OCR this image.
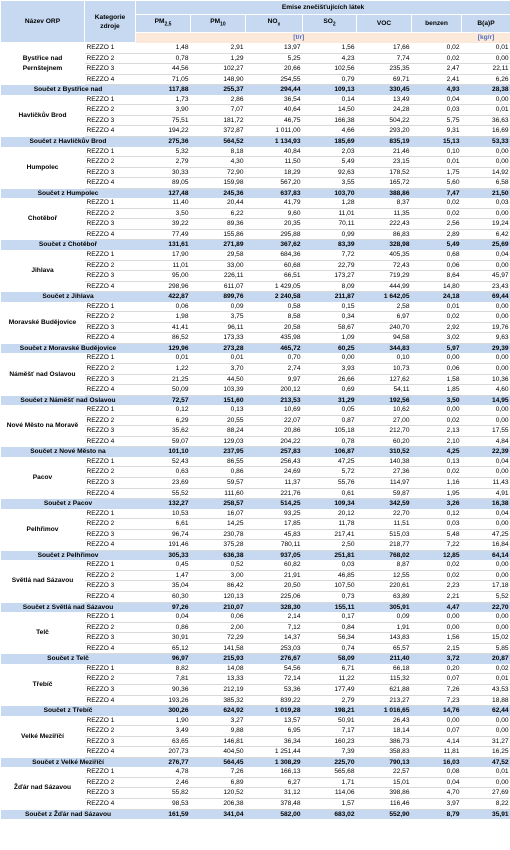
Název ORP	Kategorie zdroje	Emise znečišťujících látek						
		$PM_{2,5}$	$PM_{10}$	$NO_x$	$SO_2$	VOC	benzen	B(a)P
		[t/r]						[kg/r]
Bystřice nad Pernštejnem	REZZO 1	1,48	2,91	13,97	1,56	17,66	0,02	0,01
	REZZO 2	0,78	1,29	5,25	4,23	7,74	0,02	0,00
	REZZO 3	44,56	102,27	20,66	102,56	235,35	2,47	22,11
	REZZO 4	71,05	148,90	254,55	0,79	69,71	2,41	6,26
Součet z Bystřice nad		117,88	255,37	294,44	109,13	330,45	4,93	28,38
Havlíčkův Brod	REZZO 1	1,73	2,86	36,54	0,14	13,49	0,04	0,00
	REZZO 2	3,90	7,07	40,64	14,50	24,28	0,03	0,01
	REZZO 3	75,51	181,72	46,75	166,38	504,22	5,75	36,63
	REZZO 4	194,22	372,87	1 011,00	4,66	293,20	9,31	16,69
Součet z Havlíčkův Brod		275,36	564,52	1 134,93	185,69	835,19	15,13	53,33
Humpolec	REZZO 1	5,32	8,18	40,84	2,03	21,46	0,10	0,00
	REZZO 2	2,79	4,30	11,50	5,49	23,15	0,01	0,00
	REZZO 3	30,33	72,90	18,29	92,63	178,52	1,75	14,92
	REZZO 4	89,05	159,98	567,20	3,55	165,72	5,60	6,58
Součet z Humpolec		127,48	245,36	637,83	103,70	388,86	7,47	21,50
Chotěboř	REZZO 1	11,40	20,44	41,79	1,28	8,37	0,02	0,03
	REZZO 2	3,50	6,22	9,60	11,01	11,35	0,02	0,00
	REZZO 3	39,22	89,36	20,35	70,11	222,43	2,56	19,24
	REZZO 4	77,49	155,86	295,88	0,99	86,83	2,89	6,42
Součet z Chotěboř		131,61	271,89	367,62	83,39	328,98	5,49	25,69
Jihlava	REZZO 1	17,90	29,58	684,36	7,72	405,35	0,68	0,04
	REZZO 2	11,01	33,00	60,68	22,79	72,43	0,06	0,00
	REZZO 3	95,00	226,11	66,51	173,27	719,29	8,64	45,97
	REZZO 4	298,96	611,07	1 429,05	8,09	444,99	14,80	23,43
Součet z Jihlava		422,87	899,76	2 240,58	211,87	1 642,05	24,18	69,44
Moravské Budějovice	REZZO 1	0,06	0,09	0,58	0,15	2,58	0,01	0,00
	REZZO 2	1,98	3,75	8,58	0,34	6,97	0,02	0,00
	REZZO 3	41,41	96,11	20,58	58,67	240,70	2,92	19,76
	REZZO 4	86,52	173,33	435,98	1,09	94,58	3,02	9,63
Součet z Moravské Budějovice		129,96	273,28	465,72	60,25	344,83	5,97	29,39
Náměšť nad Oslavou	REZZO 1	0,01	0,01	0,70	0,00	0,10	0,00	0,00
	REZZO 2	1,22	3,70	2,74	3,93	10,73	0,06	0,00
	REZZO 3	21,25	44,50	9,97	26,66	127,62	1,58	10,36
	REZZO 4	50,09	103,39	200,12	0,69	54,11	1,85	4,60
Součet z Náměšť nad Oslavou		72,57	151,60	213,53	31,29	192,56	3,50	14,95
Nové Město na Moravě	REZZO 1	0,12	0,13	10,69	0,05	10,62	0,00	0,00
	REZZO 2	6,29	20,55	22,07	0,87	27,00	0,02	0,00
	REZZO 3	35,62	88,24	20,86	105,18	212,70	2,13	17,55
	REZZO 4	59,07	129,03	204,22	0,78	60,20	2,10	4,84
Součet z Nové Město na		101,10	237,95	257,83	106,87	310,52	4,25	22,39
Pacov	REZZO 1	52,43	86,55	256,43	47,25	140,38	0,13	0,04
	REZZO 2	0,63	0,86	24,69	5,72	27,36	0,02	0,00
	REZZO 3	23,69	59,57	11,37	55,76	114,97	1,16	11,43
	REZZO 4	55,52	111,60	221,76	0,61	59,87	1,95	4,91
Součet z Pacov		132,27	258,57	514,25	109,34	342,59	3,26	16,38
Pelhřimov	REZZO 1	10,53	16,07	93,25	20,12	22,70	0,12	0,04
	REZZO 2	6,61	14,25	17,85	11,78	11,51	0,03	0,00
	REZZO 3	96,74	230,78	45,83	217,41	515,03	5,48	47,25
	REZZO 4	191,46	375,28	780,11	2,50	218,77	7,22	16,84
Součet z Pelhřimov		305,33	636,38	937,05	251,81	768,02	12,85	64,14
Světlá nad Sázavou	REZZO 1	0,45	0,52	60,82	0,03	8,87	0,02	0,00
	REZZO 2	1,47	3,00	21,91	46,85	12,55	0,02	0,00
	REZZO 3	35,04	86,42	20,50	107,50	220,61	2,23	17,18
	REZZO 4	60,30	120,13	225,06	0,73	63,89	2,21	5,52
Součet z Světlá nad Sázavou		97,26	210,07	328,30	155,11	305,91	4,47	22,70
Telč	REZZO 1	0,04	0,06	2,14	0,17	0,09	0,00	0,00
	REZZO 2	0,86	2,00	7,12	0,84	1,91	0,00	0,00
	REZZO 3	30,91	72,29	14,37	56,34	143,83	1,56	15,02
	REZZO 4	65,12	141,58	253,03	0,74	65,57	2,15	5,85
Součet z Telč		96,97	215,93	276,67	58,09	211,40	3,72	20,87
Třebíč	REZZO 1	8,82	14,08	54,56	6,71	66,18	0,20	0,02
	REZZO 2	7,81	13,33	72,14	11,22	115,32	0,07	0,01
	REZZO 3	90,36	212,19	53,36	177,49	621,88	7,26	43,53
	REZZO 4	193,26	385,32	839,22	2,79	213,27	7,23	18,88
Součet z Třebíč		300,26	624,92	1 019,28	198,21	1 016,65	14,76	62,44
Velké Meziříčí	REZZO 1	1,90	3,27	13,57	50,91	26,43	0,00	0,00
	REZZO 2	3,49	9,88	6,95	7,17	18,14	0,07	0,00
	REZZO 3	63,65	146,81	36,34	160,23	386,73	4,14	31,27
	REZZO 4	207,73	404,50	1 251,44	7,39	358,83	11,81	16,25
Součet z Velké Meziříčí		276,77	564,45	1 308,29	225,70	790,13	16,03	47,52
Žďár nad Sázavou	REZZO 1	4,78	7,26	166,13	565,68	22,57	0,08	0,01
	REZZO 2	2,46	6,89	6,27	1,71	15,01	0,04	0,00
	REZZO 3	55,82	120,52	31,12	114,06	398,86	4,70	27,69
	REZZO 4	98,53	206,38	378,48	1,57	116,46	3,97	8,22
Součet z Žďár nad Sázavou		161,59	341,04	582,00	683,02	552,90	8,79	35,91
